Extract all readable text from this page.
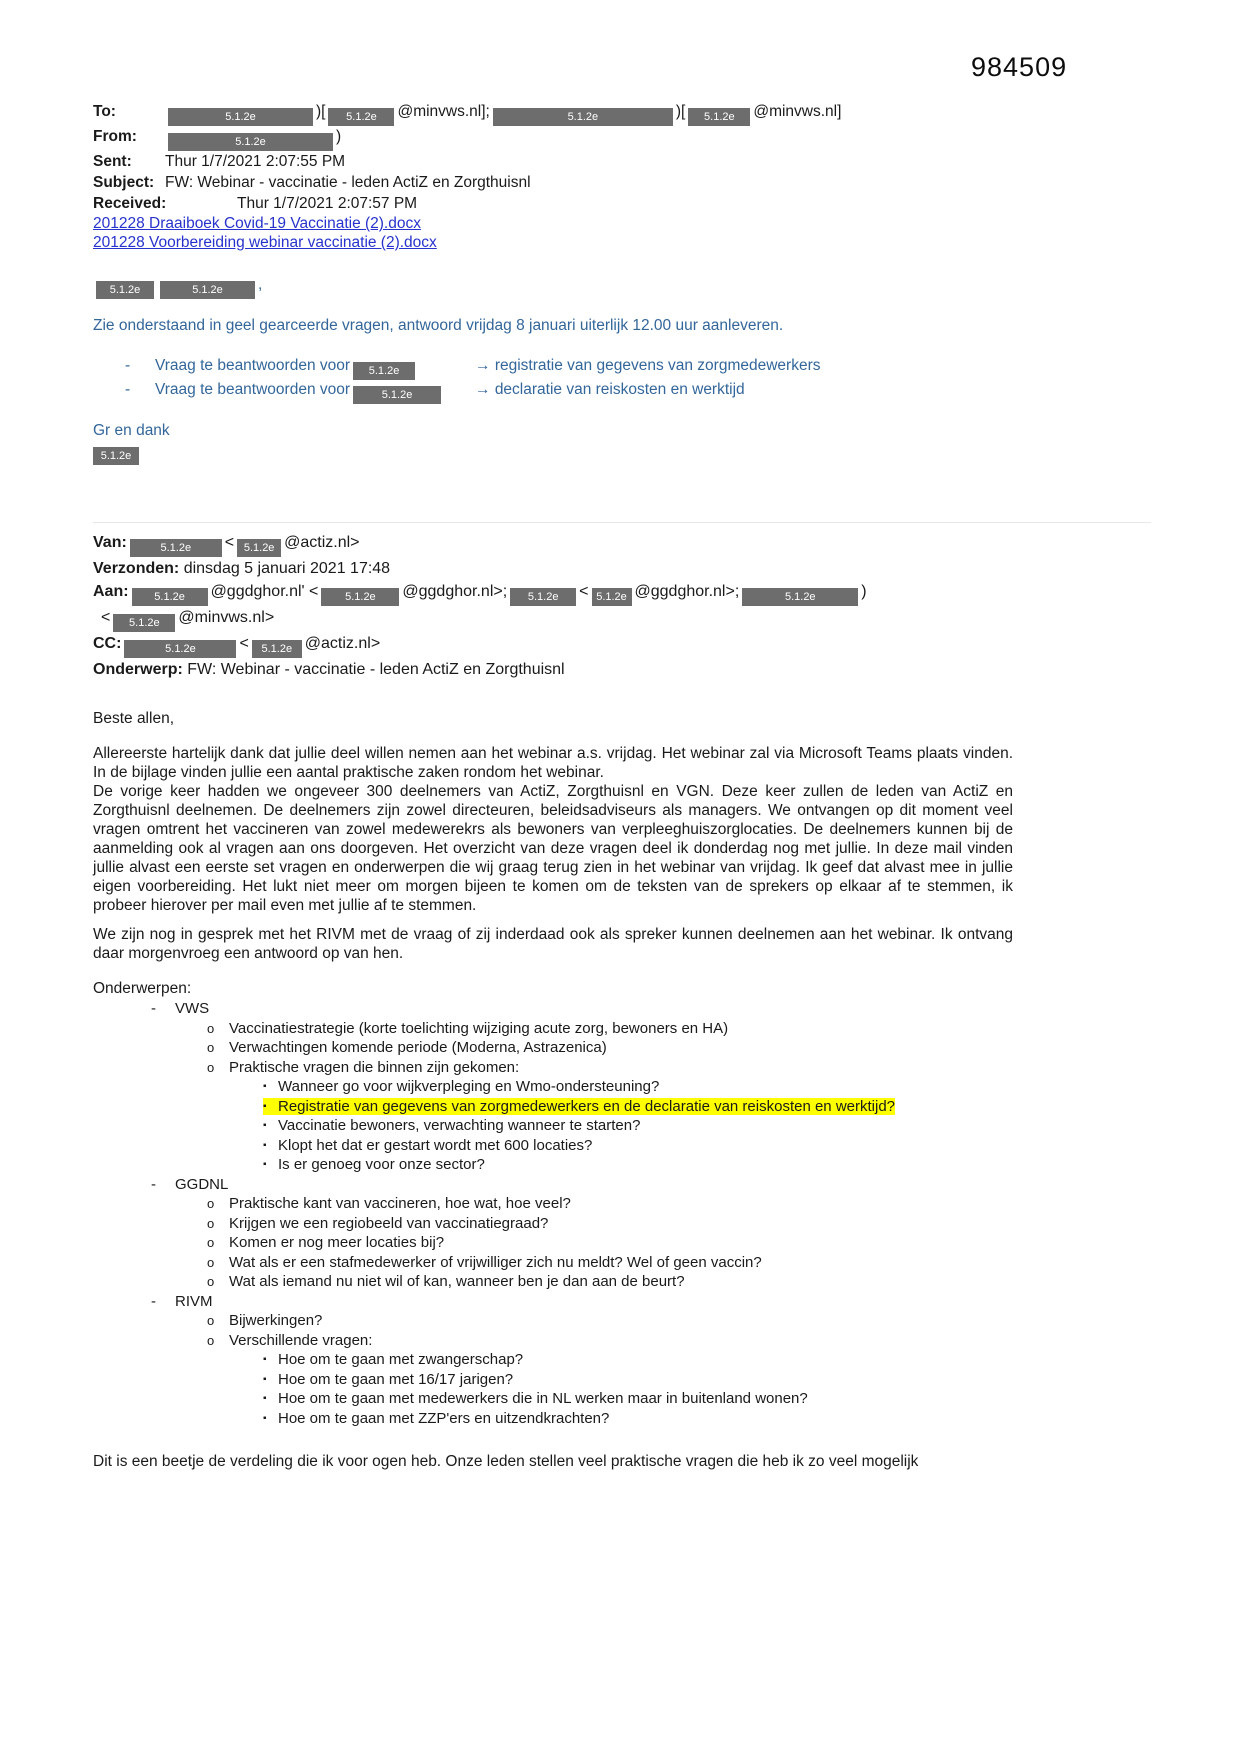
984509
To:	5.1.2e	)[ 5.1.2e @minvws.nl];	5.1.2e	)[ 5.1.2e @minvws.nl]
From:	5.1.2e	)
Sent: Thur 1/7/2021 2:07:55 PM
Subject: FW: Webinar - vaccinatie - leden ActiZ en Zorgthuisnl
Received:	Thur 1/7/2021 2:07:57 PM
201228 Draaiboek Covid-19 Vaccinatie (2).docx
201228 Voorbereiding webinar vaccinatie (2).docx
5.1.2e	5.1.2e ,
Zie onderstaand in geel gearceerde vragen, antwoord vrijdag 8 januari uiterlijk 12.00 uur aanleveren.
- Vraag te beantwoorden voor 5.1.2e	→ registratie van gegevens van zorgmedewerkers
- Vraag te beantwoorden voor	5.1.2e	→ declaratie van reiskosten en werktijd
Gr en dank
5.1.2e
Van:	5.1.2e < 5.1.2e @actiz.nl>
Verzonden: dinsdag 5 januari 2021 17:48
Aan: 5.1.2e @ggdghor.nl' < 5.1.2e @ggdghor.nl>; 5.1.2e < 5.1.2e @ggdghor.nl>;	5.1.2e	)
< 5.1.2e @minvws.nl>
CC:	5.1.2e	< 5.1.2e @actiz.nl>
Onderwerp: FW: Webinar - vaccinatie - leden ActiZ en Zorgthuisnl
Beste allen,

Allereerste hartelijk dank dat jullie deel willen nemen aan het webinar a.s. vrijdag. Het webinar zal via Microsoft Teams plaats vinden. In de bijlage vinden jullie een aantal praktische zaken rondom het webinar.

De vorige keer hadden we ongeveer 300 deelnemers van ActiZ, Zorgthuisnl en VGN. Deze keer zullen de leden van ActiZ en Zorgthuisnl deelnemen. De deelnemers zijn zowel directeuren, beleidsadviseurs als managers. We ontvangen op dit moment veel vragen omtrent het vaccineren van zowel medewerekrs als bewoners van verpleeghuiszorglocaties. De deelnemers kunnen bij de aanmelding ook al vragen aan ons doorgeven. Het overzicht van deze vragen deel ik donderdag nog met jullie. In deze mail vinden jullie alvast een eerste set vragen en onderwerpen die wij graag terug zien in het webinar van vrijdag. Ik geef dat alvast mee in jullie eigen voorbereiding. Het lukt niet meer om morgen bijeen te komen om de teksten van de sprekers op elkaar af te stemmen, ik probeer hierover per mail even met jullie af te stemmen.

We zijn nog in gesprek met het RIVM met de vraag of zij inderdaad ook als spreker kunnen deelnemen aan het webinar. Ik ontvang daar morgenvroeg een antwoord op van hen.

Onderwerpen:
- VWS
o Vaccinatiestrategie (korte toelichting wijziging acute zorg, bewoners en HA)
o Verwachtingen komende periode (Moderna, Astrazenica)
o Praktische vragen die binnen zijn gekomen:
▪ Wanneer go voor wijkverpleging en Wmo-ondersteuning?
▪ Registratie van gegevens van zorgmedewerkers en de declaratie van reiskosten en werktijd?
▪ Vaccinatie bewoners, verwachting wanneer te starten?
▪ Klopt het dat er gestart wordt met 600 locaties?
▪ Is er genoeg voor onze sector?
- GGDNL
o Praktische kant van vaccineren, hoe wat, hoe veel?
o Krijgen we een regiobeeld van vaccinatiegraad?
o Komen er nog meer locaties bij?
o Wat als er een stafmedewerker of vrijwilliger zich nu meldt? Wel of geen vaccin?
o Wat als iemand nu niet wil of kan, wanneer ben je dan aan de beurt?
- RIVM
o Bijwerkingen?
o Verschillende vragen:
▪ Hoe om te gaan met zwangerschap?
▪ Hoe om te gaan met 16/17 jarigen?
▪ Hoe om te gaan met medewerkers die in NL werken maar in buitenland wonen?
▪ Hoe om te gaan met ZZP'ers en uitzendkrachten?
Dit is een beetje de verdeling die ik voor ogen heb. Onze leden stellen veel praktische vragen die heb ik zo veel mogelijk
